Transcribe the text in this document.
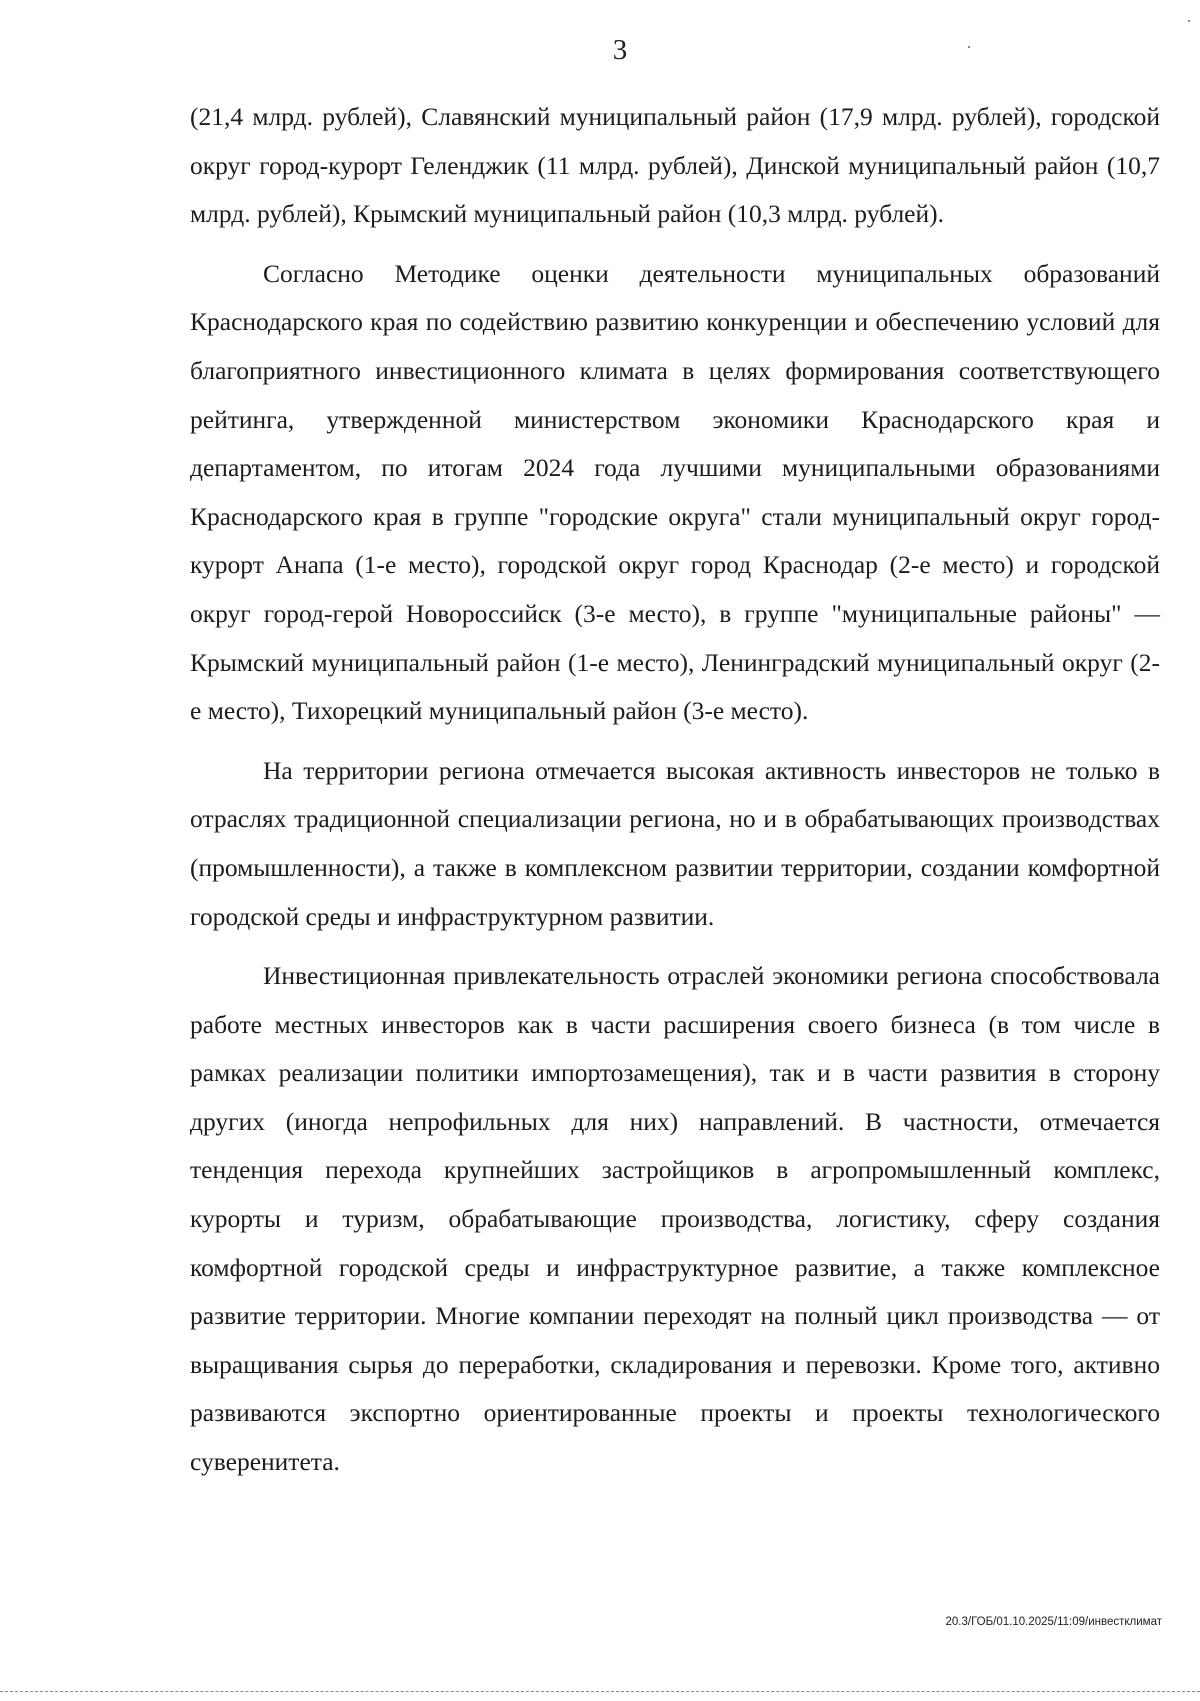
3

(21,4 млрд. рублей), Славянский муниципальный район (17,9 млрд. рублей), городской округ город-курорт Геленджик (11 млрд. рублей), Динской муниципальный район (10,7 млрд. рублей), Крымский муниципальный район (10,3 млрд. рублей).

Согласно Методике оценки деятельности муниципальных образований Краснодарского края по содействию развитию конкуренции и обеспечению условий для благоприятного инвестиционного климата в целях формирования соответствующего рейтинга, утвержденной министерством экономики Краснодарского края и департаментом, по итогам 2024 года лучшими муниципальными образованиями Краснодарского края в группе "городские округа" стали муниципальный округ город-курорт Анапа (1-е место), городской округ город Краснодар (2-е место) и городской округ город-герой Новороссийск (3-е место), в группе "муниципальные районы" — Крымский муниципальный район (1-е место), Ленинградский муниципальный округ (2-е место), Тихорецкий муниципальный район (3-е место).

На территории региона отмечается высокая активность инвесторов не только в отраслях традиционной специализации региона, но и в обрабатывающих производствах (промышленности), а также в комплексном развитии территории, создании комфортной городской среды и инфраструктурном развитии.

Инвестиционная привлекательность отраслей экономики региона способствовала работе местных инвесторов как в части расширения своего бизнеса (в том числе в рамках реализации политики импортозамещения), так и в части развития в сторону других (иногда непрофильных для них) направлений. В частности, отмечается тенденция перехода крупнейших застройщиков в агропромышленный комплекс, курорты и туризм, обрабатывающие производства, логистику, сферу создания комфортной городской среды и инфраструктурное развитие, а также комплексное развитие территории. Многие компании переходят на полный цикл производства — от выращивания сырья до переработки, складирования и перевозки. Кроме того, активно развиваются экспортно ориентированные проекты и проекты технологического суверенитета.

20.3/ГОБ/01.10.2025/11:09/инвестклимат
